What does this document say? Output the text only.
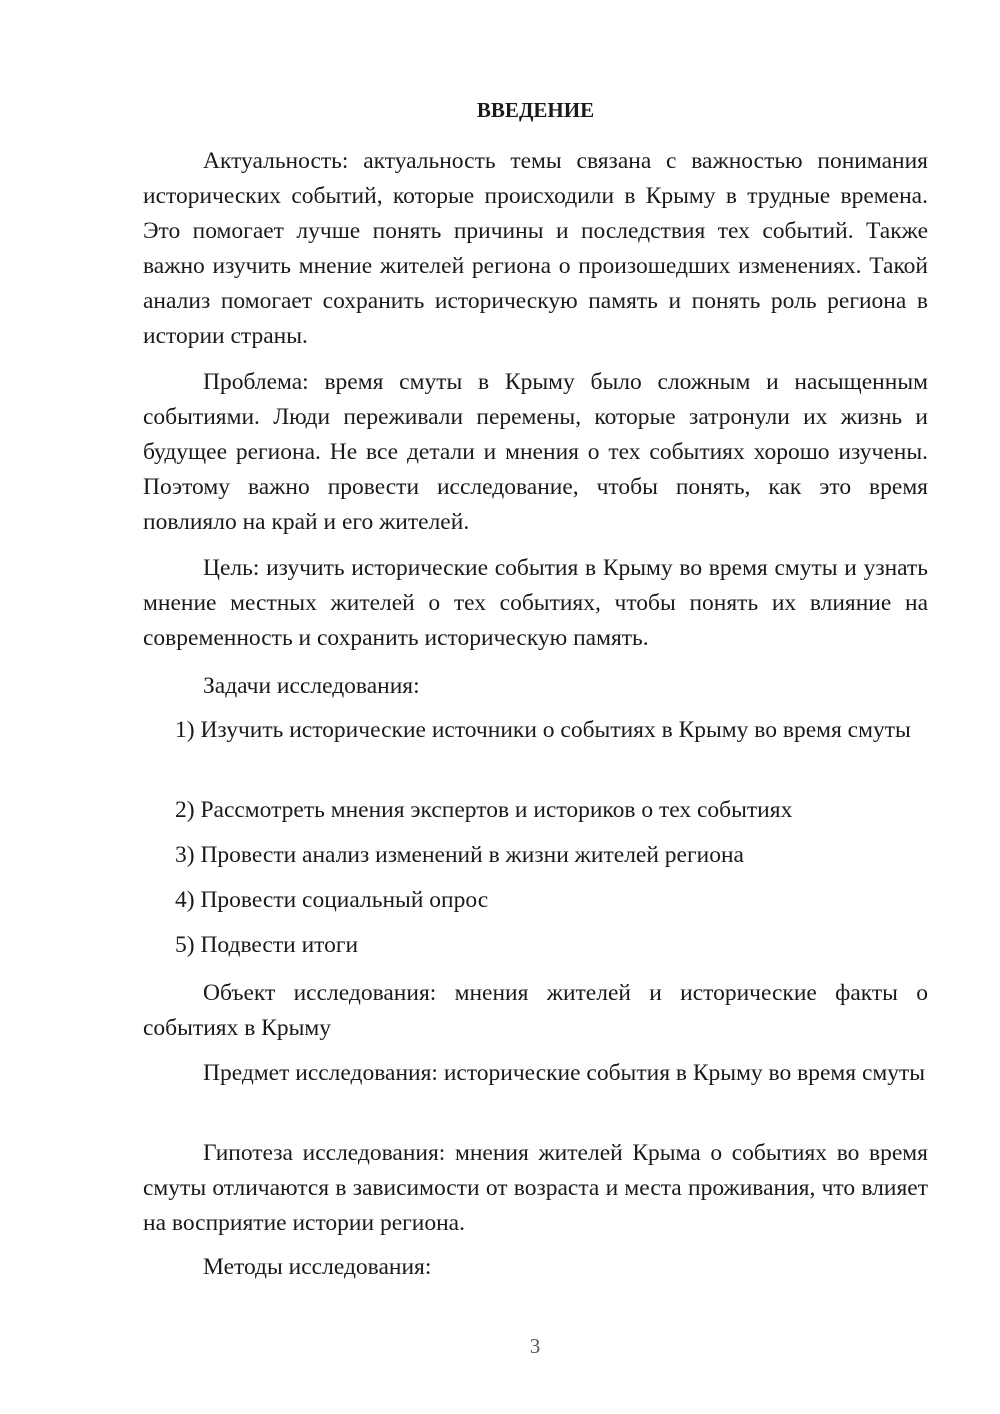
ВВЕДЕНИЕ

Актуальность: актуальность темы связана с важностью понимания исторических событий, которые происходили в Крыму в трудные времена. Это помогает лучше понять причины и последствия тех событий. Также важно изучить мнение жителей региона о произошедших изменениях. Такой анализ помогает сохранить историческую память и понять роль региона в истории страны.

Проблема: время смуты в Крыму было сложным и насыщенным событиями. Люди переживали перемены, которые затронули их жизнь и будущее региона. Не все детали и мнения о тех событиях хорошо изучены. Поэтому важно провести исследование, чтобы понять, как это время повлияло на край и его жителей.

Цель: изучить исторические события в Крыму во время смуты и узнать мнение местных жителей о тех событиях, чтобы понять их влияние на современность и сохранить историческую память.

Задачи исследования:

1) Изучить исторические источники о событиях в Крыму во время смуты

2) Рассмотреть мнения экспертов и историков о тех событиях

3) Провести анализ изменений в жизни жителей региона

4) Провести социальный опрос

5) Подвести итоги

Объект исследования: мнения жителей и исторические факты о событиях в Крыму

Предмет исследования: исторические события в Крыму во время смуты

Гипотеза исследования: мнения жителей Крыма о событиях во время смуты отличаются в зависимости от возраста и места проживания, что влияет на восприятие истории региона.

Методы исследования:

3
